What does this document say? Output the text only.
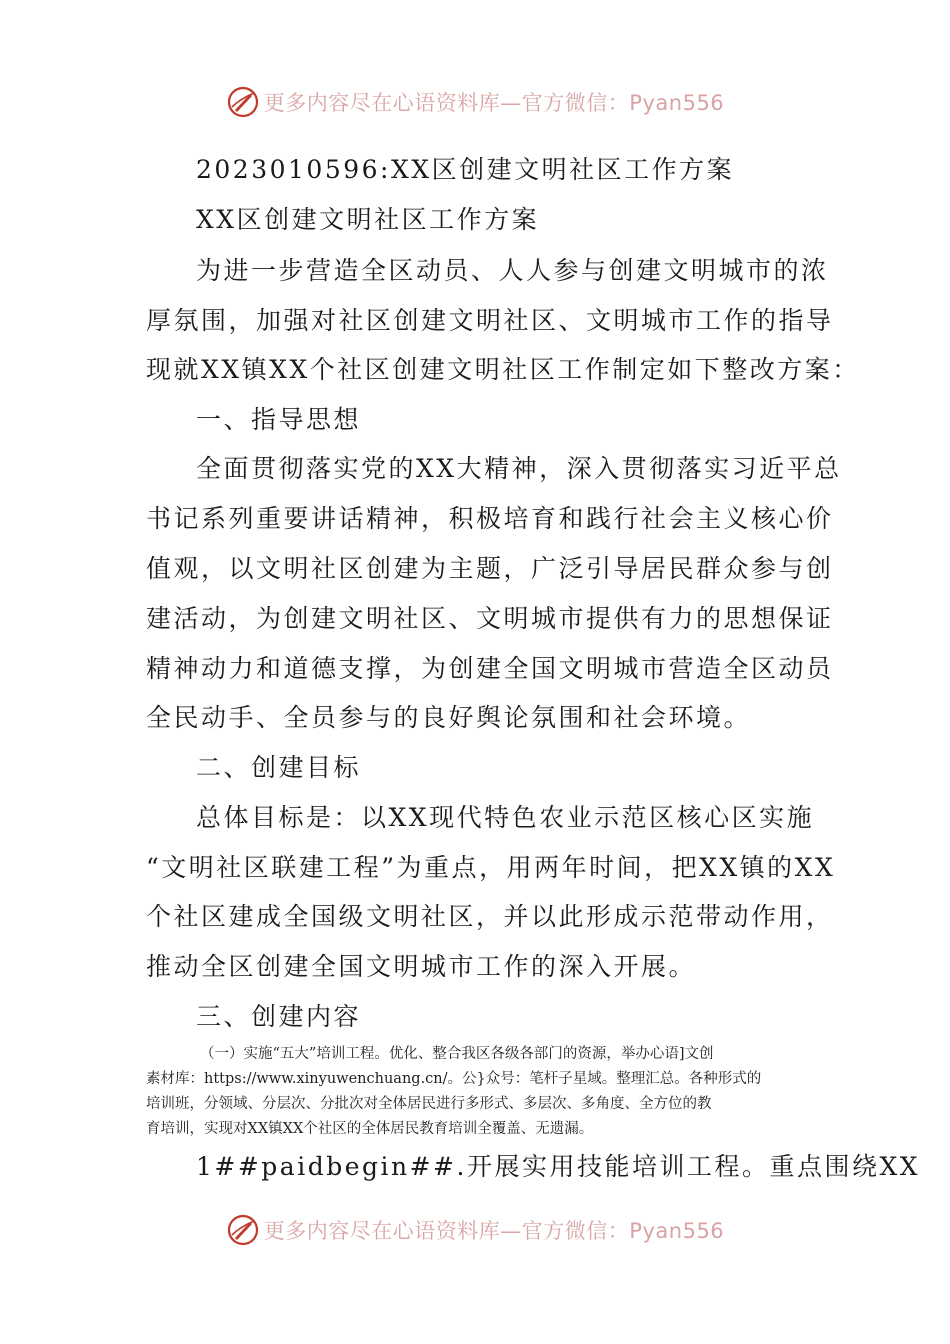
更多内容尽在心语资料库—官方微信：Pyan556
2023010596:XX区创建文明社区工作方案
XX区创建文明社区工作方案
为进一步营造全区动员、人人参与创建文明城市的浓
厚氛围，加强对社区创建文明社区、文明城市工作的指导
现就XX镇XX个社区创建文明社区工作制定如下整改方案：
一、指导思想
全面贯彻落实党的XX大精神，深入贯彻落实习近平总
书记系列重要讲话精神，积极培育和践行社会主义核心价
值观，以文明社区创建为主题，广泛引导居民群众参与创
建活动，为创建文明社区、文明城市提供有力的思想保证
精神动力和道德支撑，为创建全国文明城市营造全区动员
全民动手、全员参与的良好舆论氛围和社会环境。
二、创建目标
总体目标是：以XX现代特色农业示范区核心区实施
“文明社区联建工程”为重点，用两年时间，把XX镇的XX
个社区建成全国级文明社区，并以此形成示范带动作用，
推动全区创建全国文明城市工作的深入开展。
三、创建内容
（一）实施“五大”培训工程。优化、整合我区各级各部门的资源，举办心语]文创
素材库：https://www.xinyuwenchuang.cn/。公}众号：笔杆子星域。整理汇总。各种形式的
培训班，分领域、分层次、分批次对全体居民进行多形式、多层次、多角度、全方位的教
育培训，实现对XX镇XX个社区的全体居民教育培训全覆盖、无遗漏。
1##paidbegin##.开展实用技能培训工程。重点围绕XX
更多内容尽在心语资料库—官方微信：Pyan556
